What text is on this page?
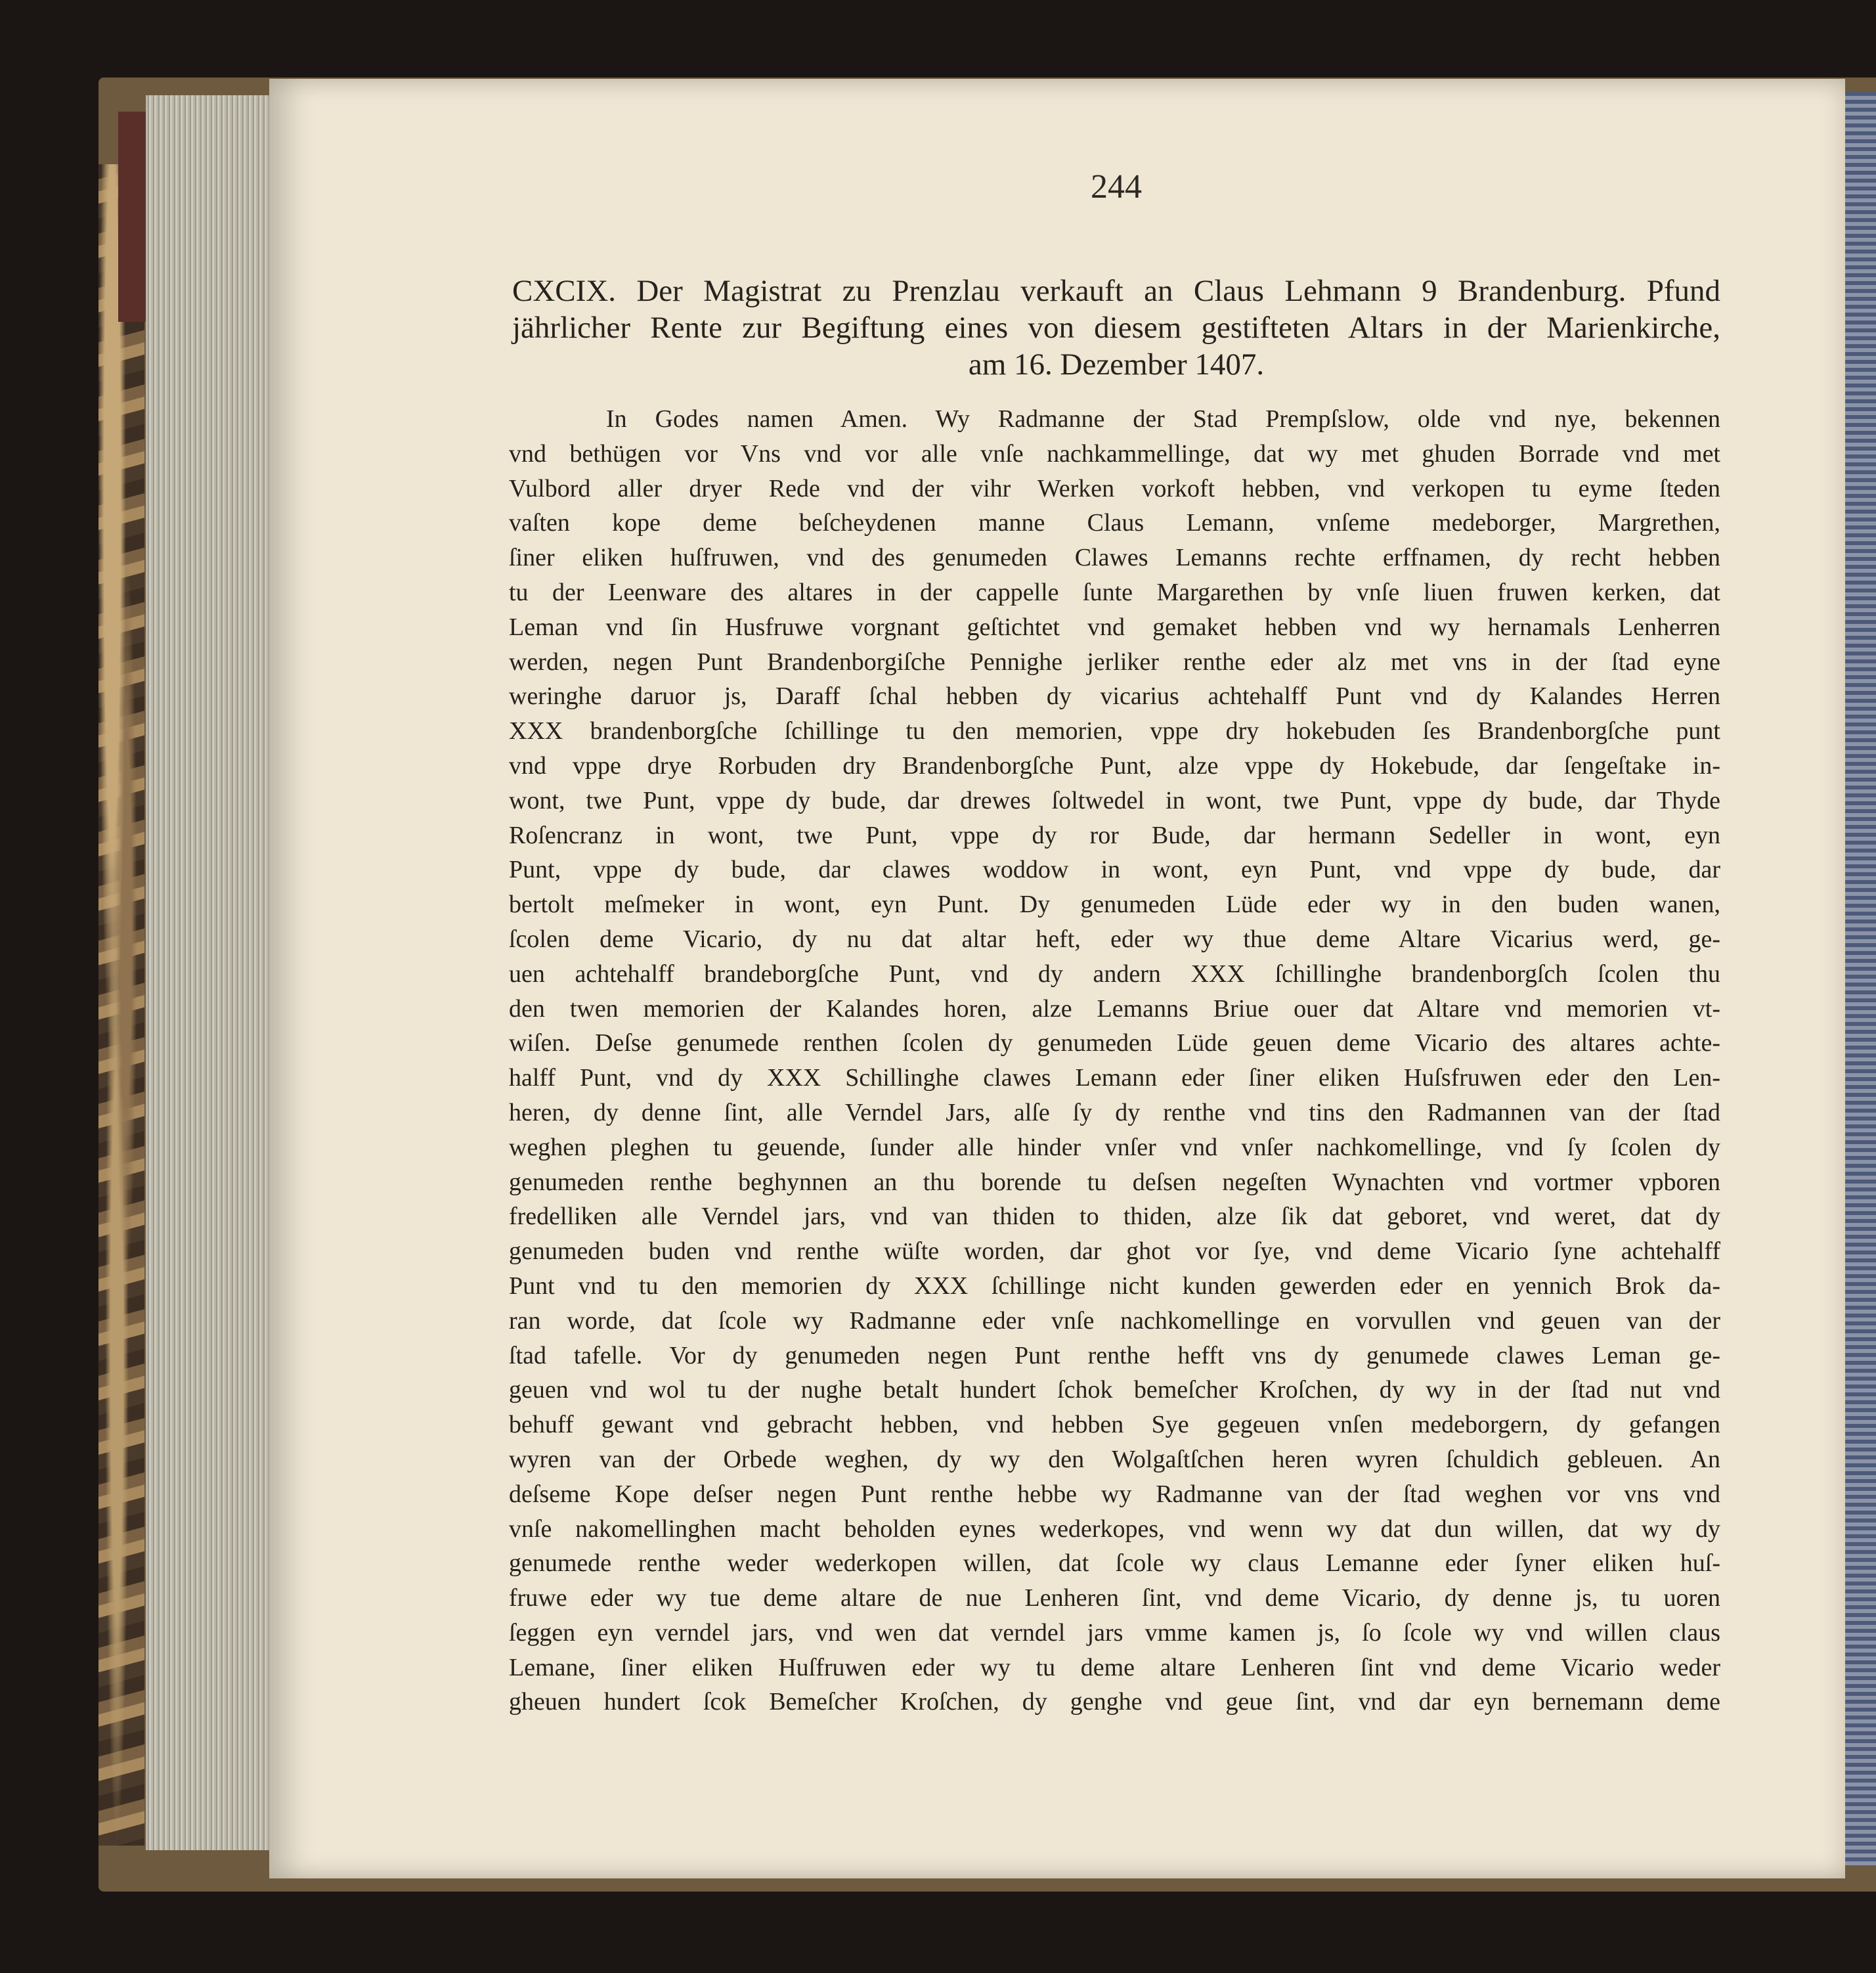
244
CXCIX. Der Magistrat zu Prenzlau verkauft an Claus Lehmann 9 Brandenburg. Pfund
jährlicher Rente zur Begiftung eines von diesem gestifteten Altars in der Marienkirche,
am 16. Dezember 1407.
In Godes namen Amen. Wy Radmanne der Stad Prempſslow, olde vnd nye, bekennen
vnd bethügen vor Vns vnd vor alle vnſe nachkammellinge, dat wy met ghuden Borrade vnd met
Vulbord aller dryer Rede vnd der vihr Werken vorkoft hebben, vnd verkopen tu eyme ſteden
vaſten kope deme beſcheydenen manne Claus Lemann, vnſeme medeborger, Margrethen,
ſiner eliken huſfruwen, vnd des genumeden Clawes Lemanns rechte erffnamen, dy recht hebben
tu der Leenware des altares in der cappelle ſunte Margarethen by vnſe liuen fruwen kerken, dat
Leman vnd ſin Husfruwe vorgnant geſtichtet vnd gemaket hebben vnd wy hernamals Lenherren
werden, negen Punt Brandenborgiſche Pennighe jerliker renthe eder alz met vns in der ſtad eyne
weringhe daruor js, Daraff ſchal hebben dy vicarius achtehalff Punt vnd dy Kalandes Herren
XXX brandenborgſche ſchillinge tu den memorien, vppe dry hokebuden ſes Brandenborgſche punt
vnd vppe drye Rorbuden dry Brandenborgſche Punt, alze vppe dy Hokebude, dar ſengeſtake in-
wont, twe Punt, vppe dy bude, dar drewes ſoltwedel in wont, twe Punt, vppe dy bude, dar Thyde
Roſencranz in wont, twe Punt, vppe dy ror Bude, dar hermann Sedeller in wont, eyn
Punt, vppe dy bude, dar clawes woddow in wont, eyn Punt, vnd vppe dy bude, dar
bertolt meſmeker in wont, eyn Punt. Dy genumeden Lüde eder wy in den buden wanen,
ſcolen deme Vicario, dy nu dat altar heft, eder wy thue deme Altare Vicarius werd, ge-
uen achtehalff brandeborgſche Punt, vnd dy andern XXX ſchillinghe brandenborgſch ſcolen thu
den twen memorien der Kalandes horen, alze Lemanns Briue ouer dat Altare vnd memorien vt-
wiſen. Deſse genumede renthen ſcolen dy genumeden Lüde geuen deme Vicario des altares achte-
halff Punt, vnd dy XXX Schillinghe clawes Lemann eder ſiner eliken Huſsfruwen eder den Len-
heren, dy denne ſint, alle Verndel Jars, alſe ſy dy renthe vnd tins den Radmannen van der ſtad
weghen pleghen tu geuende, ſunder alle hinder vnſer vnd vnſer nachkomellinge, vnd ſy ſcolen dy
genumeden renthe beghynnen an thu borende tu deſsen negeſten Wynachten vnd vortmer vpboren
fredelliken alle Verndel jars, vnd van thiden to thiden, alze ſik dat geboret, vnd weret, dat dy
genumeden buden vnd renthe wüſte worden, dar ghot vor ſye, vnd deme Vicario ſyne achtehalff
Punt vnd tu den memorien dy XXX ſchillinge nicht kunden gewerden eder en yennich Brok da-
ran worde, dat ſcole wy Radmanne eder vnſe nachkomellinge en vorvullen vnd geuen van der
ſtad tafelle. Vor dy genumeden negen Punt renthe hefft vns dy genumede clawes Leman ge-
geuen vnd wol tu der nughe betalt hundert ſchok bemeſcher Kroſchen, dy wy in der ſtad nut vnd
behuff gewant vnd gebracht hebben, vnd hebben Sye gegeuen vnſen medeborgern, dy gefangen
wyren van der Orbede weghen, dy wy den Wolgaſtſchen heren wyren ſchuldich gebleuen. An
deſseme Kope deſser negen Punt renthe hebbe wy Radmanne van der ſtad weghen vor vns vnd
vnſe nakomellinghen macht beholden eynes wederkopes, vnd wenn wy dat dun willen, dat wy dy
genumede renthe weder wederkopen willen, dat ſcole wy claus Lemanne eder ſyner eliken huſ-
fruwe eder wy tue deme altare de nue Lenheren ſint, vnd deme Vicario, dy denne js, tu uoren
ſeggen eyn verndel jars, vnd wen dat verndel jars vmme kamen js, ſo ſcole wy vnd willen claus
Lemane, ſiner eliken Huſfruwen eder wy tu deme altare Lenheren ſint vnd deme Vicario weder
gheuen hundert ſcok Bemeſcher Kroſchen, dy genghe vnd geue ſint, vnd dar eyn bernemann deme
